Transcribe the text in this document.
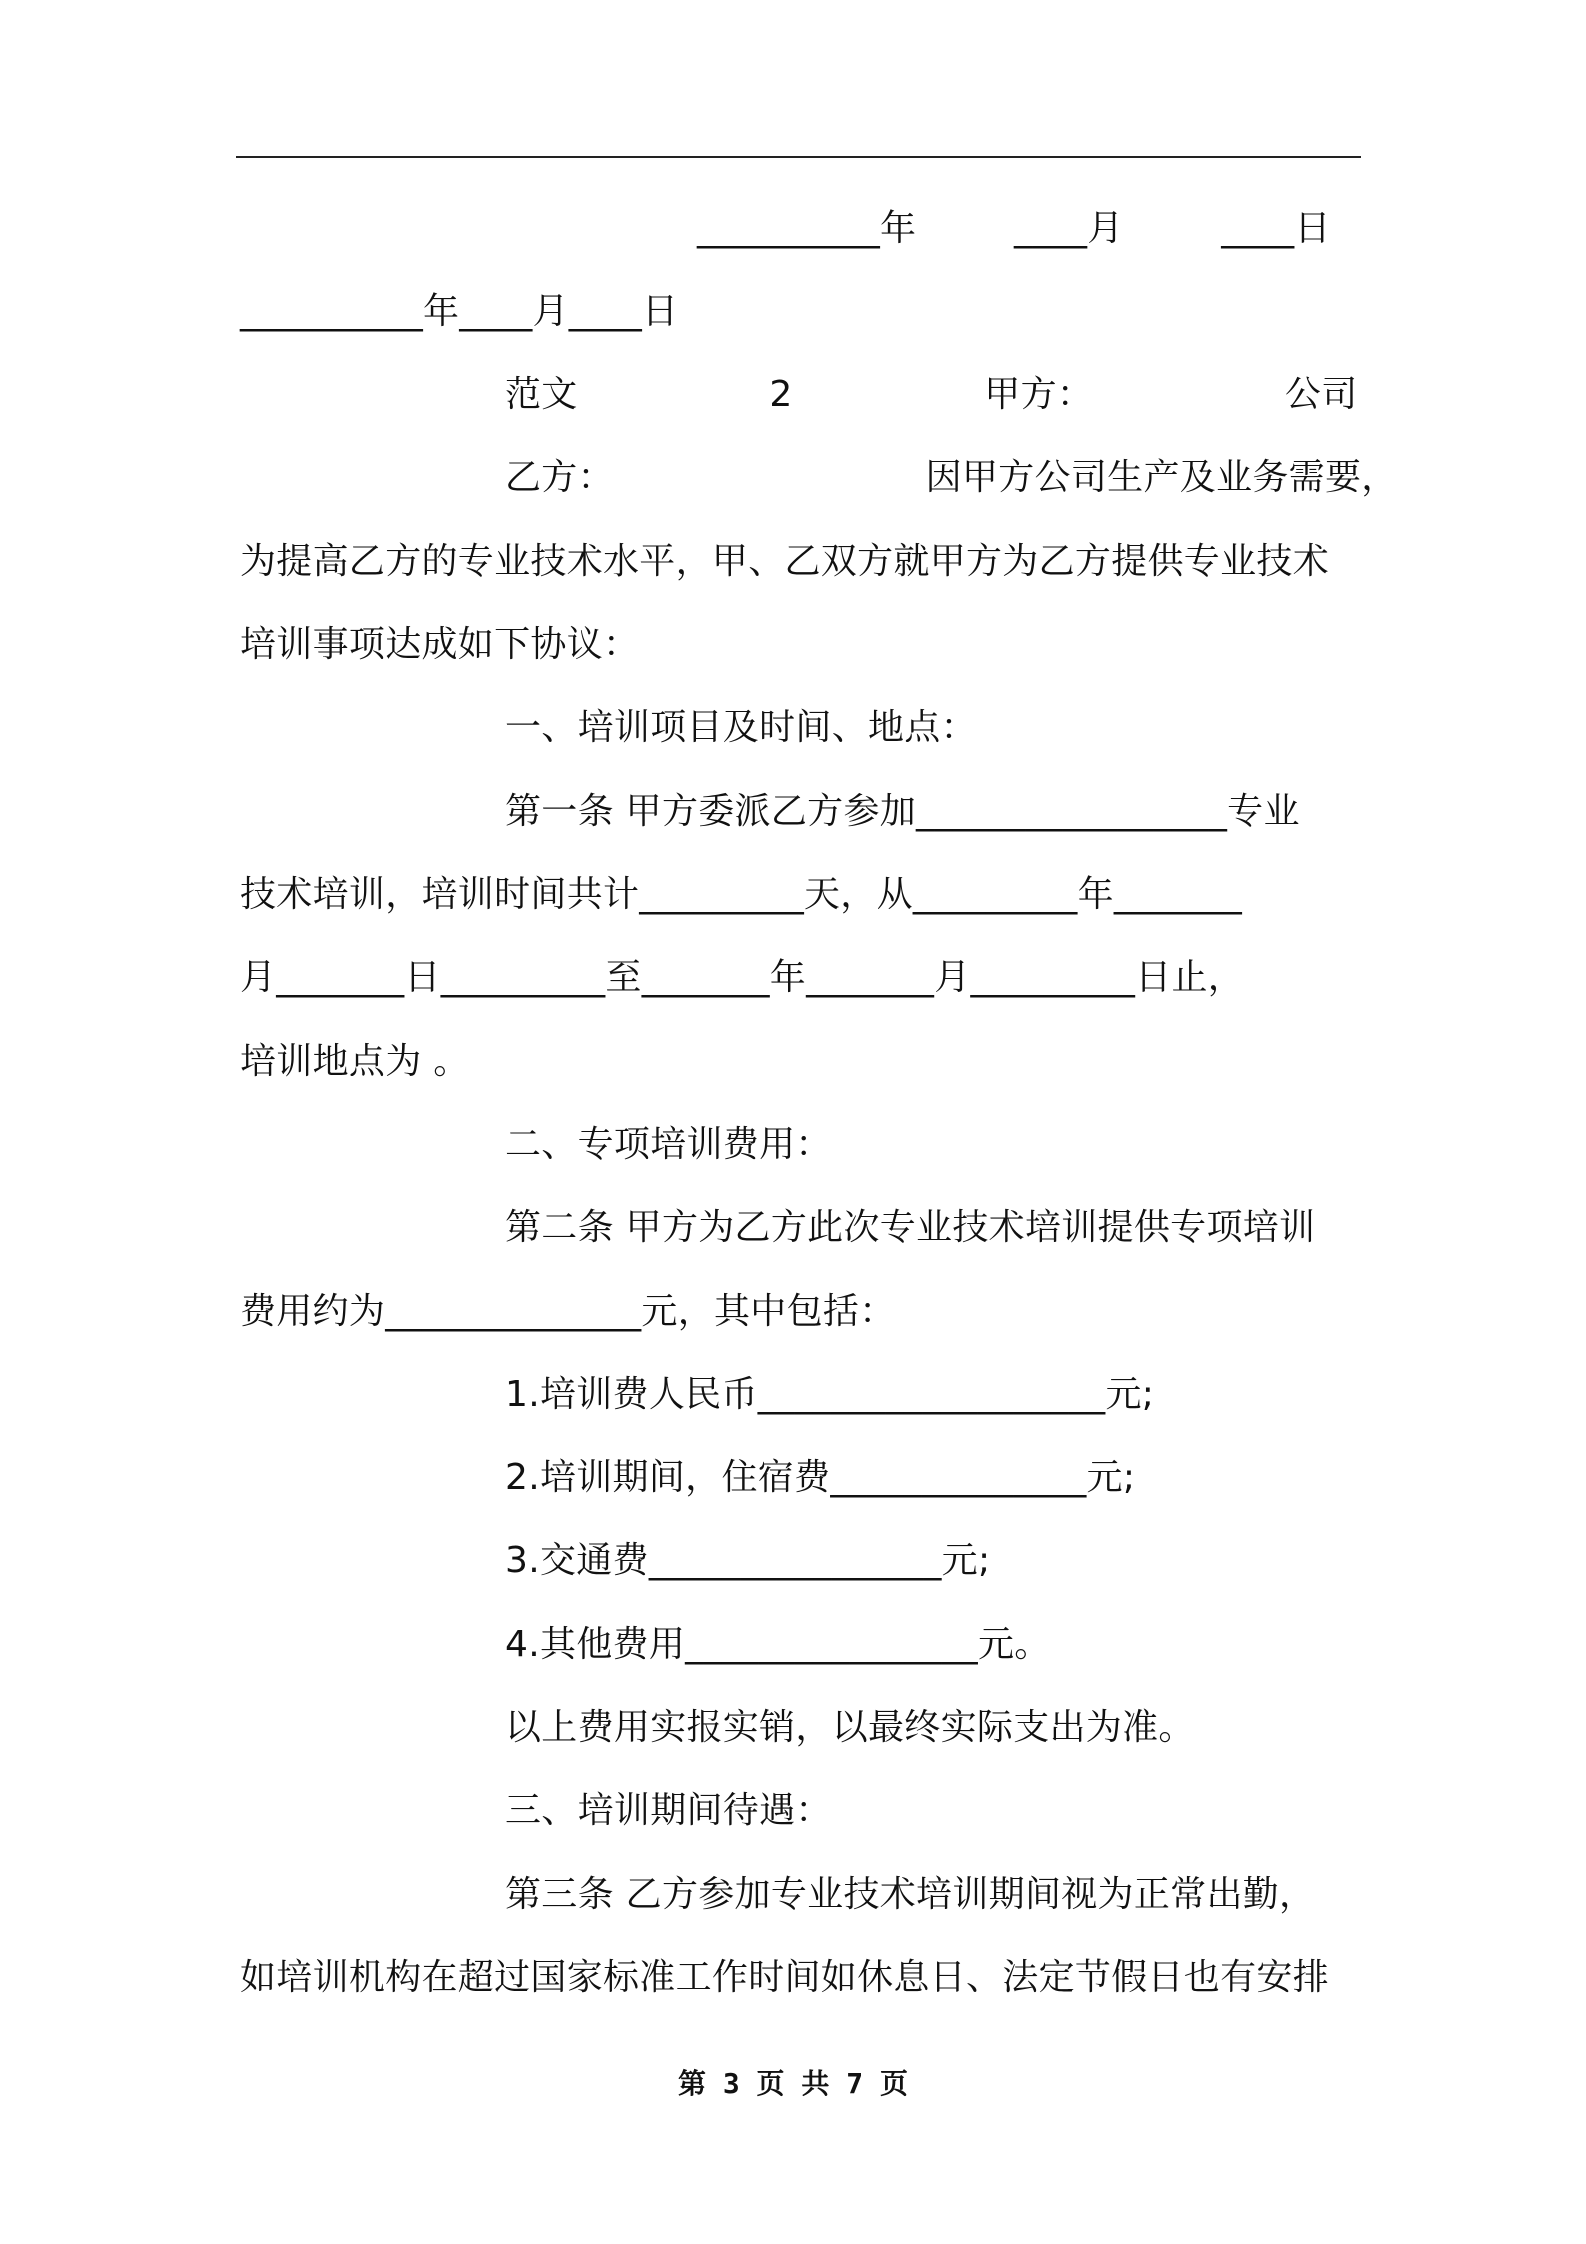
__________年 ____月 ____日
__________年____月____日
范文 2 甲方： 公司
乙方： 因甲方公司生产及业务需要，
为提高乙方的专业技术水平，甲、乙双方就甲方为乙方提供专业技术
培训事项达成如下协议：
一、培训项目及时间、地点：
第一条 甲方委派乙方参加_________________专业
技术培训，培训时间共计_________天，从_________年_______
月_______日_________至_______年_______月_________日止，
培训地点为 。
二、专项培训费用：
第二条 甲方为乙方此次专业技术培训提供专项培训
费用约为______________元，其中包括：
1.培训费人民币___________________元;
2.培训期间，住宿费______________元;
3.交通费________________元;
4.其他费用________________元。
以上费用实报实销，以最终实际支出为准。
三、培训期间待遇：
第三条 乙方参加专业技术培训期间视为正常出勤，
如培训机构在超过国家标准工作时间如休息日、法定节假日也有安排
第 3 页 共 7 页
